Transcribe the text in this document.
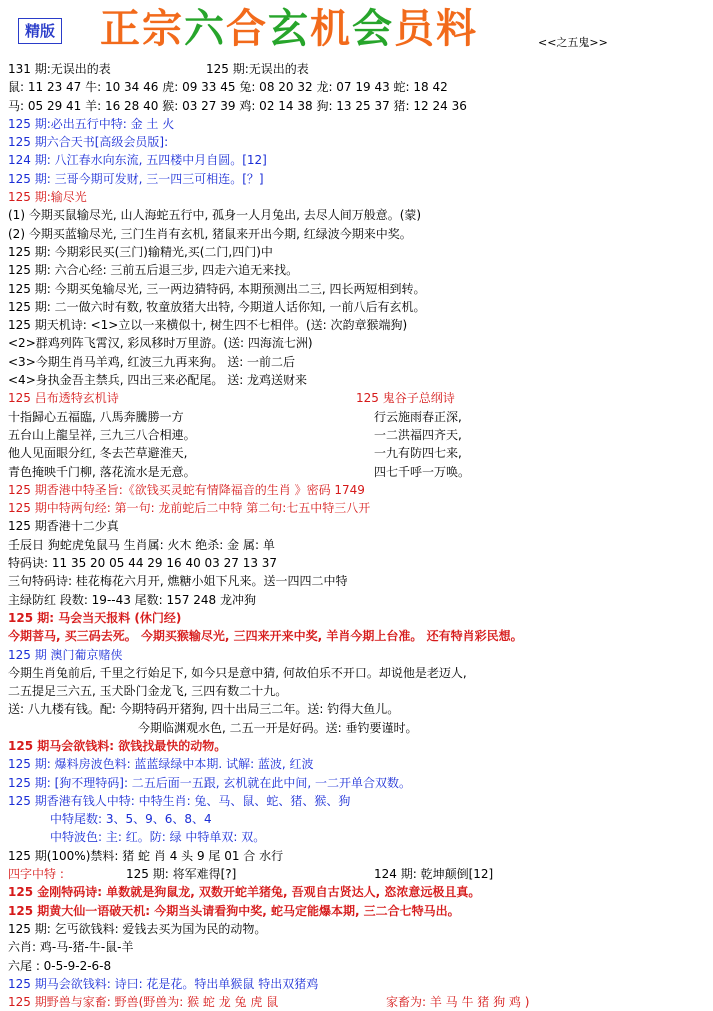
精版 正宗六合玄机会员料	<<之五鬼>>
131 期:无误出的表	125 期:无误出的表
鼠: 11 23 47 牛: 10 34 46 虎: 09 33 45 兔: 08 20 32 龙: 07 19 43 蛇: 18 42
马: 05 29 41 羊: 16 28 40 猴: 03 27 39 鸡: 02 14 38 狗: 13 25 37 猪: 12 24 36
125 期:必出五行中特: 金 土 火
125 期六合天书[高级会员版]:
124 期: 八江春水向东流, 五四楼中月自圆。[12]
125 期: 三哥今期可发财, 三一四三可相连。[？]
125 期:输尽光
(1) 今期买鼠输尽光, 山人海蛇五行中, 孤身一人月兔出, 去尽人间万般意。(蒙)
(2) 今期买蓝输尽光, 三门生肖有玄机, 猪鼠来开出今期, 红绿波今期来中奖。
125 期: 今期彩民买(三门)输精光,买(二门,四门)中
125 期: 六合心经: 三前五后退三步, 四走六追无来找。
125 期: 今期买兔输尽光, 三一两边猜特码, 本期预测出二三, 四长两短相到转。
125 期: 二一做六时有数, 牧童放猪大出特, 今期道人话你知, 一前八后有玄机。
125 期天机诗: <1>立以一来横似十, 树生四不七相伴。(送: 次韵章猴端狗)
<2>群鸡列阵飞霄汉, 彩凤移时万里游。(送: 四海流七洲)
<3>今期生肖马羊鸡, 红波三九再来狗。 送: 一前二后
<4>身执金吾主禁兵, 四出三来必配尾。 送: 龙鸡送财来
125 吕布透特玄机诗	125 鬼谷子总纲诗
十指歸心五福臨, 八馬奔騰勝一方	行云施雨春正深,
五台山上龍呈祥, 三九三八合相連。	一二洪福四齐天,
他人见面眼分红, 冬去芒草避淮天,	一九有防四七来,
青色掩映千门柳, 落花流水是无意。	四七千呼一万唤。
125 期香港中特圣旨:《欲钱买灵蛇有情降福音的生肖 》密码 1749
125 期中特两句经: 第一句: 龙前蛇后二中特 第二句:七五中特三八开
125 期香港十二少真
壬辰日 狗蛇虎兔鼠马 生肖属: 火木 绝杀: 金 属: 单
特码诀: 11 35 20 05 44 29 16 40 03 27 13 37
三句特码诗: 桂花梅花六月开, 燋糖小姐下凡来。送一四四二中特
主绿防红 段数: 19--43 尾数: 157 248 龙冲狗
125 期: 马会当天报料 (休门经)
今期菩马, 买三码去死。 今期买猴输尽光, 三四来开来中奖, 羊肖今期上台准。 还有特肖彩民想。
125 期 澳门葡京赌侠
今期生肖兔前后, 千里之行始足下, 如今只是意中猜, 何故伯乐不开口。却说他是老迈人,
二五提足三六五, 玉犬卧门金龙飞, 三四有数二十九。
送: 八九楼有钱。配: 今期特码开猪狗, 四十出局三二年。送: 钓得大鱼儿。
今期临渊观水色, 二五一开是好码。送: 垂钓要谨时。
125 期马会欲钱料: 欲钱找最快的动物。
125 期: 爆料房波色料: 蓝蓝绿绿中本期. 试解: 蓝波, 红波
125 期: [狗不理特码]: 二五后面一五跟, 玄机就在此中间, 一二开单合双数。
125 期香港有钱人中特: 中特生肖: 兔、马、鼠、蛇、猪、猴、狗
中特尾数: 3、5、9、6、8、4
中特波色: 主: 红。防: 绿 中特单双: 双。
125 期(100%)禁料: 猪 蛇 肖 4 头 9 尾 01 合 水行
四字中特 :	125 期: 将军难得[?]	124 期: 乾坤颠倒[12]
125 金刚特码诗: 单数就是狗鼠龙, 双数开蛇羊猪兔, 吾观自古贤达人, 恣浓意远极且真。
125 期黄大仙一语破天机: 今期当头请看狗中奖, 蛇马定能爆本期, 三二合七特马出。
125 期: 乞丐欲钱料: 爱钱去买为国为民的动物。
六肖: 鸡-马-猪-牛-鼠-羊
六尾 : 0-5-9-2-6-8
125 期马会欲钱料: 诗曰: 花是花。特出单猴鼠 特出双猪鸡
125 期野兽与家畜: 野兽(野兽为: 猴 蛇 龙 兔 虎 鼠	家畜为: 羊 马 牛 猪 狗 鸡 )
